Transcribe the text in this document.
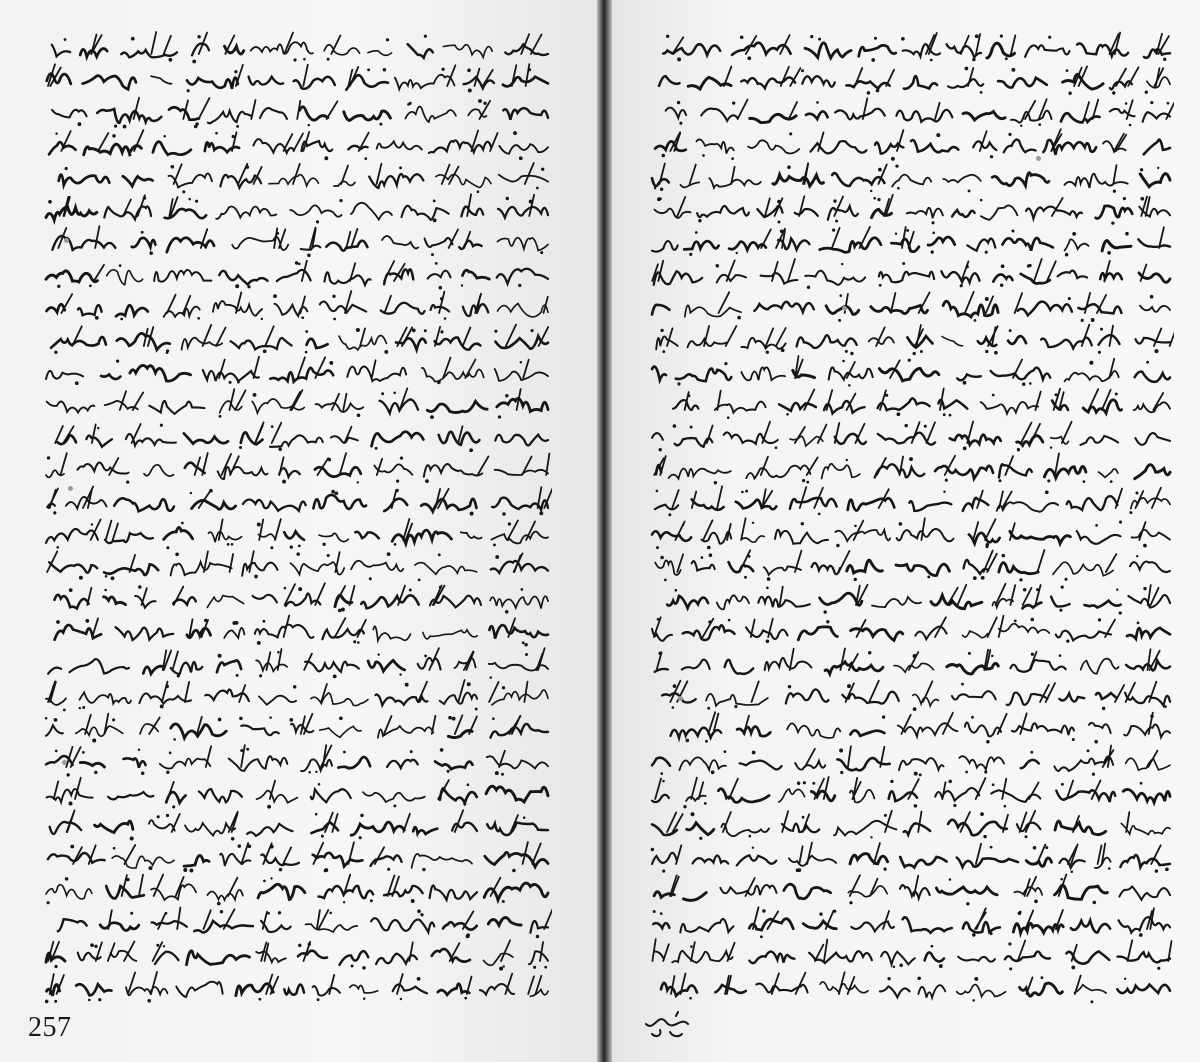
257
